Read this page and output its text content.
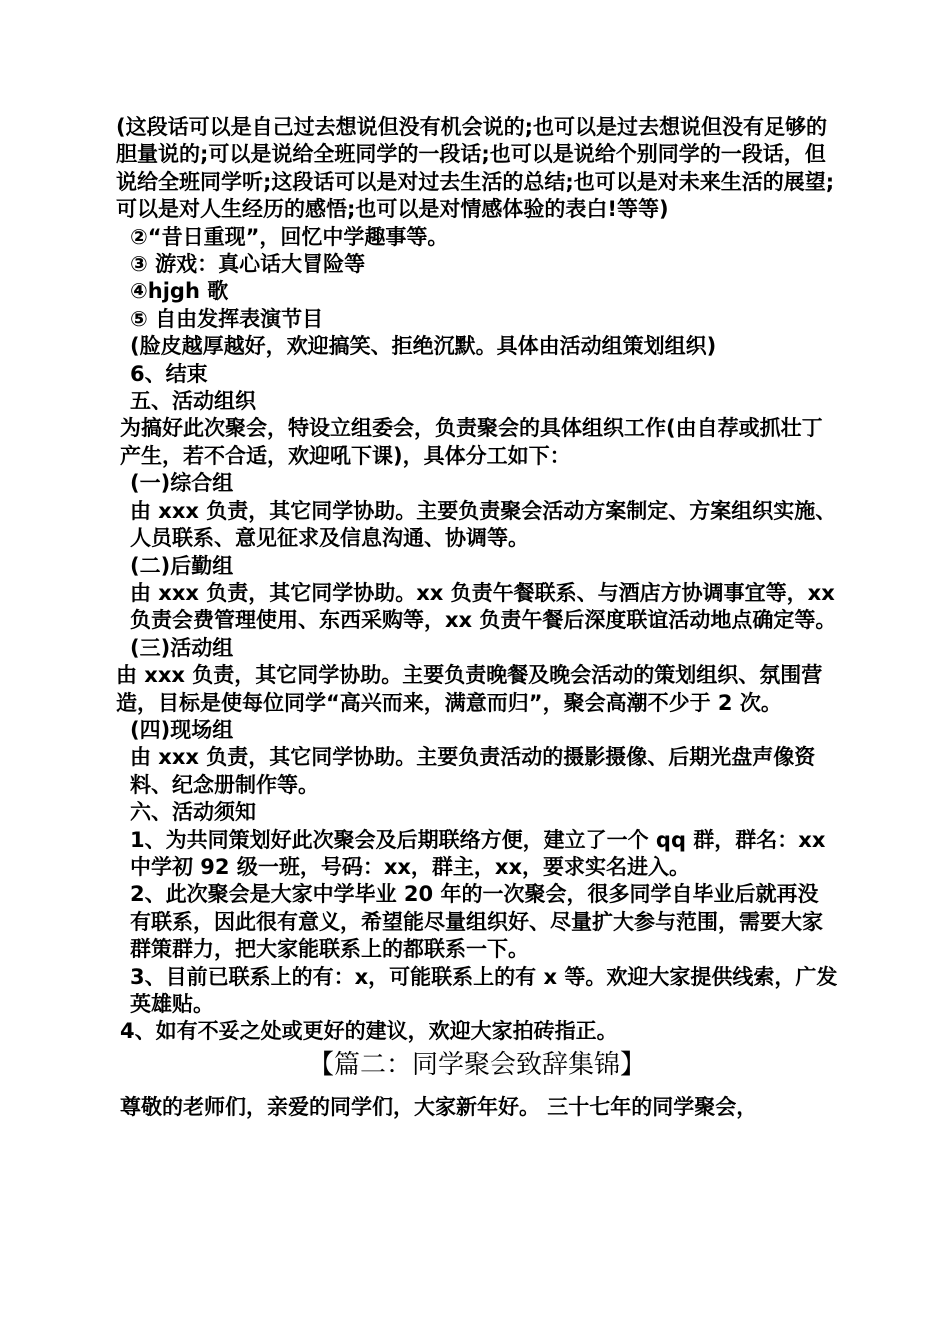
(这段话可以是自己过去想说但没有机会说的;也可以是过去想说但没有足够的胆量说的;可以是说给全班同学的一段话;也可以是说给个别同学的一段话，但说给全班同学听;这段话可以是对过去生活的总结;也可以是对未来生活的展望;可以是对人生经历的感悟;也可以是对情感体验的表白!等等)

②“昔日重现”，回忆中学趣事等。

③ 游戏：真心话大冒险等

④hjgh 歌

⑤ 自由发挥表演节目

(脸皮越厚越好，欢迎搞笑、拒绝沉默。具体由活动组策划组织)

6、结束

五、活动组织

为搞好此次聚会，特设立组委会，负责聚会的具体组织工作(由自荐或抓壮丁产生，若不合适，欢迎吼下课)，具体分工如下：

(一)综合组

由 xxx 负责，其它同学协助。主要负责聚会活动方案制定、方案组织实施、人员联系、意见征求及信息沟通、协调等。

(二)后勤组

由 xxx 负责，其它同学协助。xx 负责午餐联系、与酒店方协调事宜等，xx 负责会费管理使用、东西采购等，xx 负责午餐后深度联谊活动地点确定等。

(三)活动组

由 xxx 负责，其它同学协助。主要负责晚餐及晚会活动的策划组织、氛围营造，目标是使每位同学“高兴而来，满意而归”，聚会高潮不少于 2 次。

(四)现场组

由 xxx 负责，其它同学协助。主要负责活动的摄影摄像、后期光盘声像资料、纪念册制作等。

六、活动须知

1、为共同策划好此次聚会及后期联络方便，建立了一个 qq 群，群名：xx 中学初 92 级一班，号码：xx，群主，xx，要求实名进入。

2、此次聚会是大家中学毕业 20 年的一次聚会，很多同学自毕业后就再没有联系，因此很有意义，希望能尽量组织好、尽量扩大参与范围，需要大家群策群力，把大家能联系上的都联系一下。

3、目前已联系上的有：x，可能联系上的有 x 等。欢迎大家提供线索，广发英雄贴。

4、如有不妥之处或更好的建议，欢迎大家拍砖指正。

【篇二：同学聚会致辞集锦】

尊敬的老师们，亲爱的同学们，大家新年好。 三十七年的同学聚会，
